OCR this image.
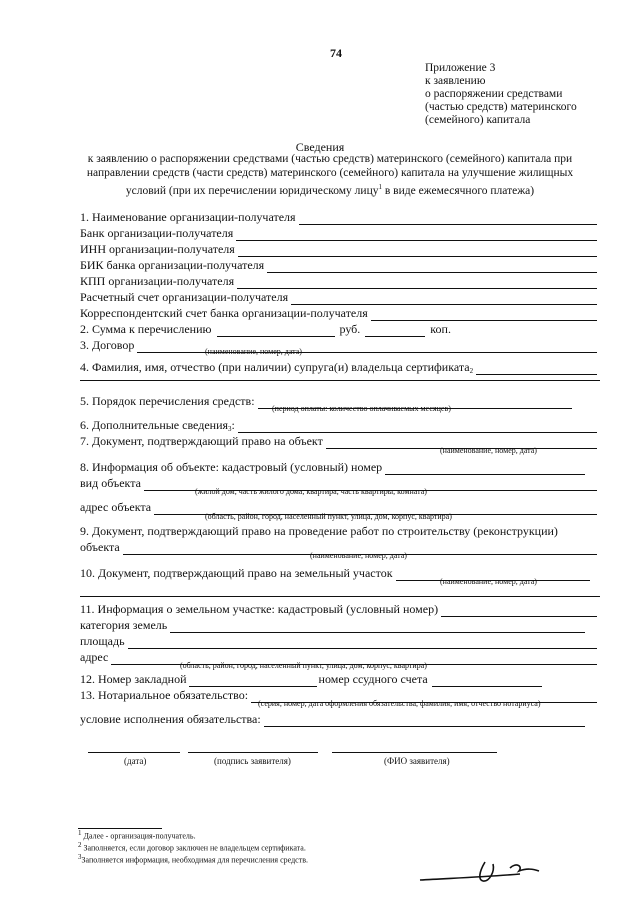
74
Приложение 3
к заявлению
о распоряжении средствами
(частью средств) материнского
(семейного) капитала
Сведения
к заявлению о распоряжении средствами (частью средств) материнского (семейного) капитала при направлении средств (части средств) материнского (семейного) капитала на улучшение жилищных условий (при их перечислении юридическому лицу$^1$ в виде ежемесячного платежа)
1. Наименование организации-получателя
Банк организации-получателя
ИНН организации-получателя
БИК банка организации-получателя
КПП организации-получателя
Расчетный счет организации-получателя
Корреспондентский счет банка организации-получателя
2. Сумма к перечислению	руб.	коп.
3. Договор	(наименование, номер, дата)
4. Фамилия, имя, отчество (при наличии) супруга(и) владельца сертификата$_2$
5. Порядок перечисления средств:
(период оплаты: количество оплачиваемых месяцев)
6. Дополнительные сведения$_3$ :
7. Документ, подтверждающий право на объект
(наименование, номер, дата)
8. Информация об объекте: кадастровый (условный) номер
вид объекта
(жилой дом, часть жилого дома, квартира, часть квартиры, комната)
адрес объекта
(область, район, город, населенный пункт, улица, дом, корпус, квартира)
9. Документ, подтверждающий право на проведение работ по строительству (реконструкции)
объекта
(наименование, номер, дата)
10. Документ, подтверждающий право на земельный участок
(наименование, номер, дата)
11. Информация о земельном участке: кадастровый (условный номер)
категория земель
площадь
адрес
(область, район, город, населенный пункт, улица, дом, корпус, квартира)
12. Номер закладной	номер ссудного счета
13. Нотариальное обязательство:
(серия, номер, дата оформления обязательства, фамилия, имя, отчество нотариуса)
условие исполнения обязательства:
(дата)	(подпись заявителя)	(ФИО заявителя)
$^1$ Далее - организация-получатель.
$^2$ Заполняется, если договор заключен не владельцем сертификата.
$^3$Заполняется информация, необходимая для перечисления средств.
